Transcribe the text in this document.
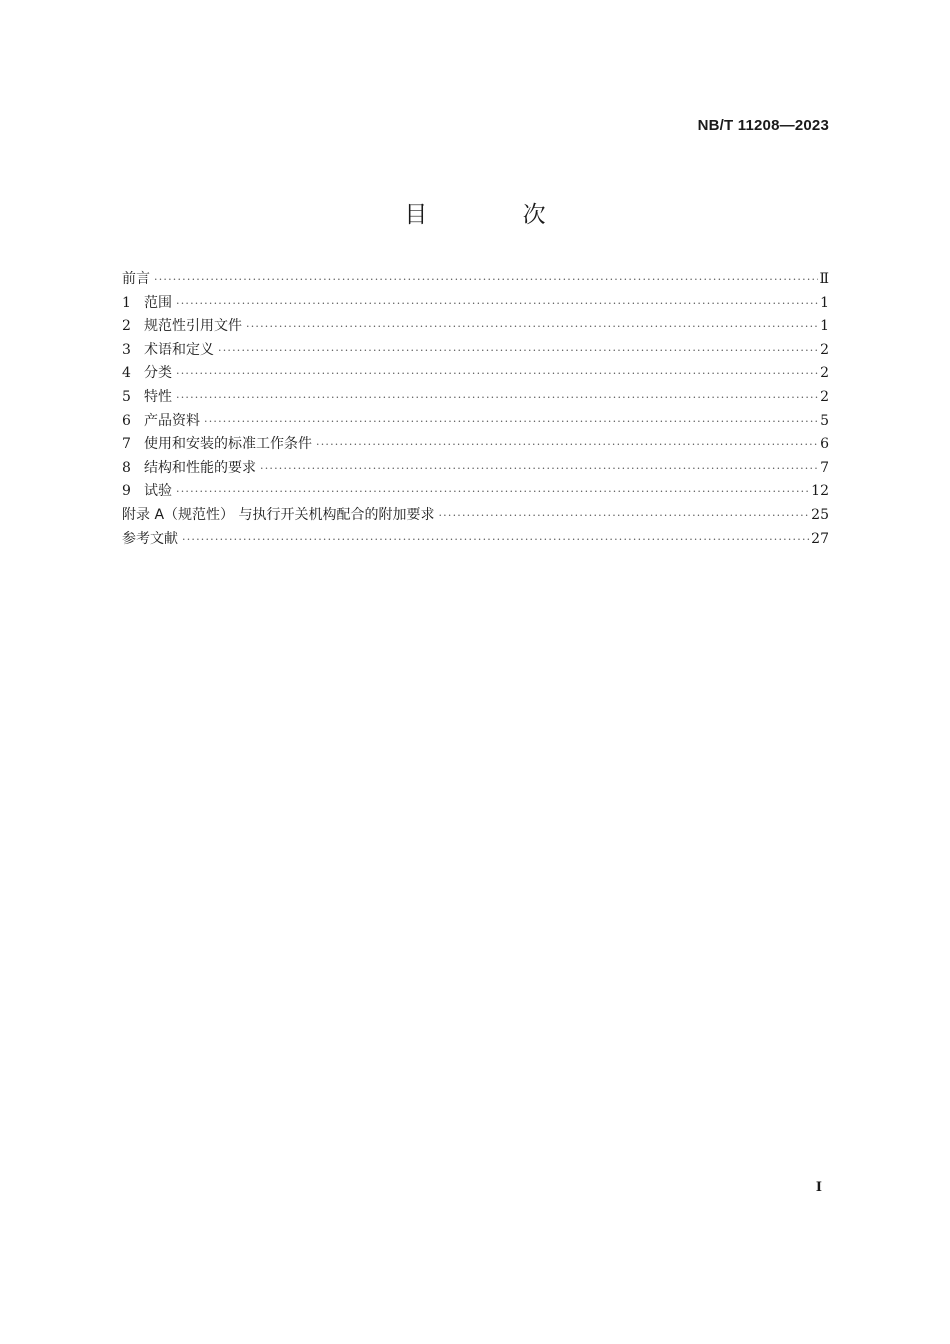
NB/T 11208—2023
目 次
前言 ·····	Ⅱ
1 范围 ·····	1
2 规范性引用文件 ·····	1
3 术语和定义 ·····	2
4 分类 ·····	2
5 特性 ·····	2
6 产品资料 ·····	5
7 使用和安装的标准工作条件 ·····	6
8 结构和性能的要求 ·····	7
9 试验 ·····	12
附录 A（规范性） 与执行开关机构配合的附加要求 ·····	25
参考文献 ·····	27
I
